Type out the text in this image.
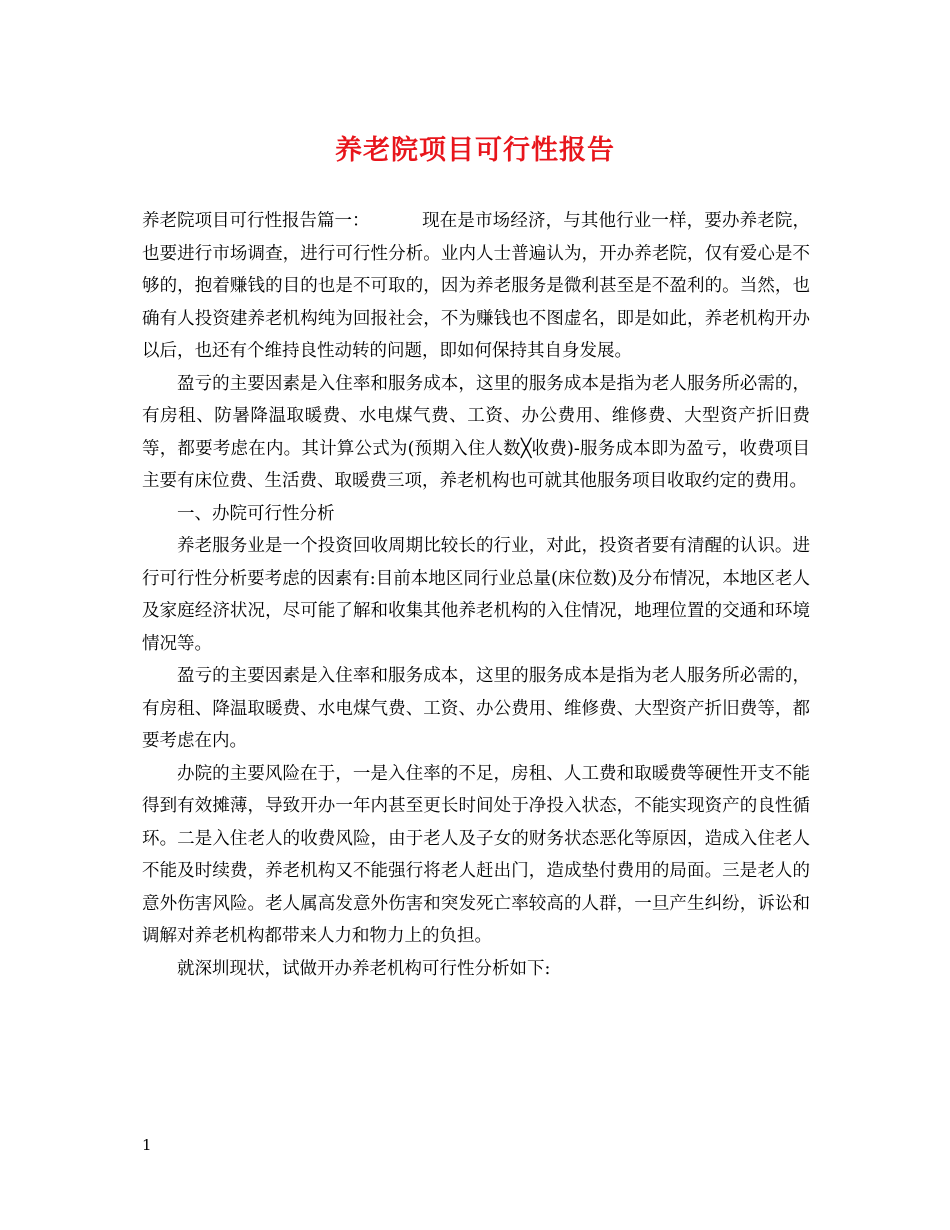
养老院项目可行性报告

养老院项目可行性报告篇一：	现在是市场经济，与其他行业一样，要办养老院，也要进行市场调查，进行可行性分析。业内人士普遍认为，开办养老院，仅有爱心是不够的，抱着赚钱的目的也是不可取的，因为养老服务是微利甚至是不盈利的。当然，也确有人投资建养老机构纯为回报社会，不为赚钱也不图虚名，即是如此，养老机构开办以后，也还有个维持良性动转的问题，即如何保持其自身发展。

盈亏的主要因素是入住率和服务成本，这里的服务成本是指为老人服务所必需的，有房租、防暑降温取暖费、水电煤气费、工资、办公费用、维修费、大型资产折旧费等，都要考虑在内。其计算公式为(预期入住人数╳收费)-服务成本即为盈亏，收费项目主要有床位费、生活费、取暖费三项，养老机构也可就其他服务项目收取约定的费用。

一、办院可行性分析

养老服务业是一个投资回收周期比较长的行业，对此，投资者要有清醒的认识。进行可行性分析要考虑的因素有:目前本地区同行业总量(床位数)及分布情况，本地区老人及家庭经济状况，尽可能了解和收集其他养老机构的入住情况，地理位置的交通和环境情况等。

盈亏的主要因素是入住率和服务成本，这里的服务成本是指为老人服务所必需的，有房租、降温取暖费、水电煤气费、工资、办公费用、维修费、大型资产折旧费等，都要考虑在内。

办院的主要风险在于，一是入住率的不足，房租、人工费和取暖费等硬性开支不能得到有效摊薄，导致开办一年内甚至更长时间处于净投入状态，不能实现资产的良性循环。二是入住老人的收费风险，由于老人及子女的财务状态恶化等原因，造成入住老人不能及时续费，养老机构又不能强行将老人赶出门，造成垫付费用的局面。三是老人的意外伤害风险。老人属高发意外伤害和突发死亡率较高的人群，一旦产生纠纷，诉讼和调解对养老机构都带来人力和物力上的负担。

就深圳现状，试做开办养老机构可行性分析如下:

1
